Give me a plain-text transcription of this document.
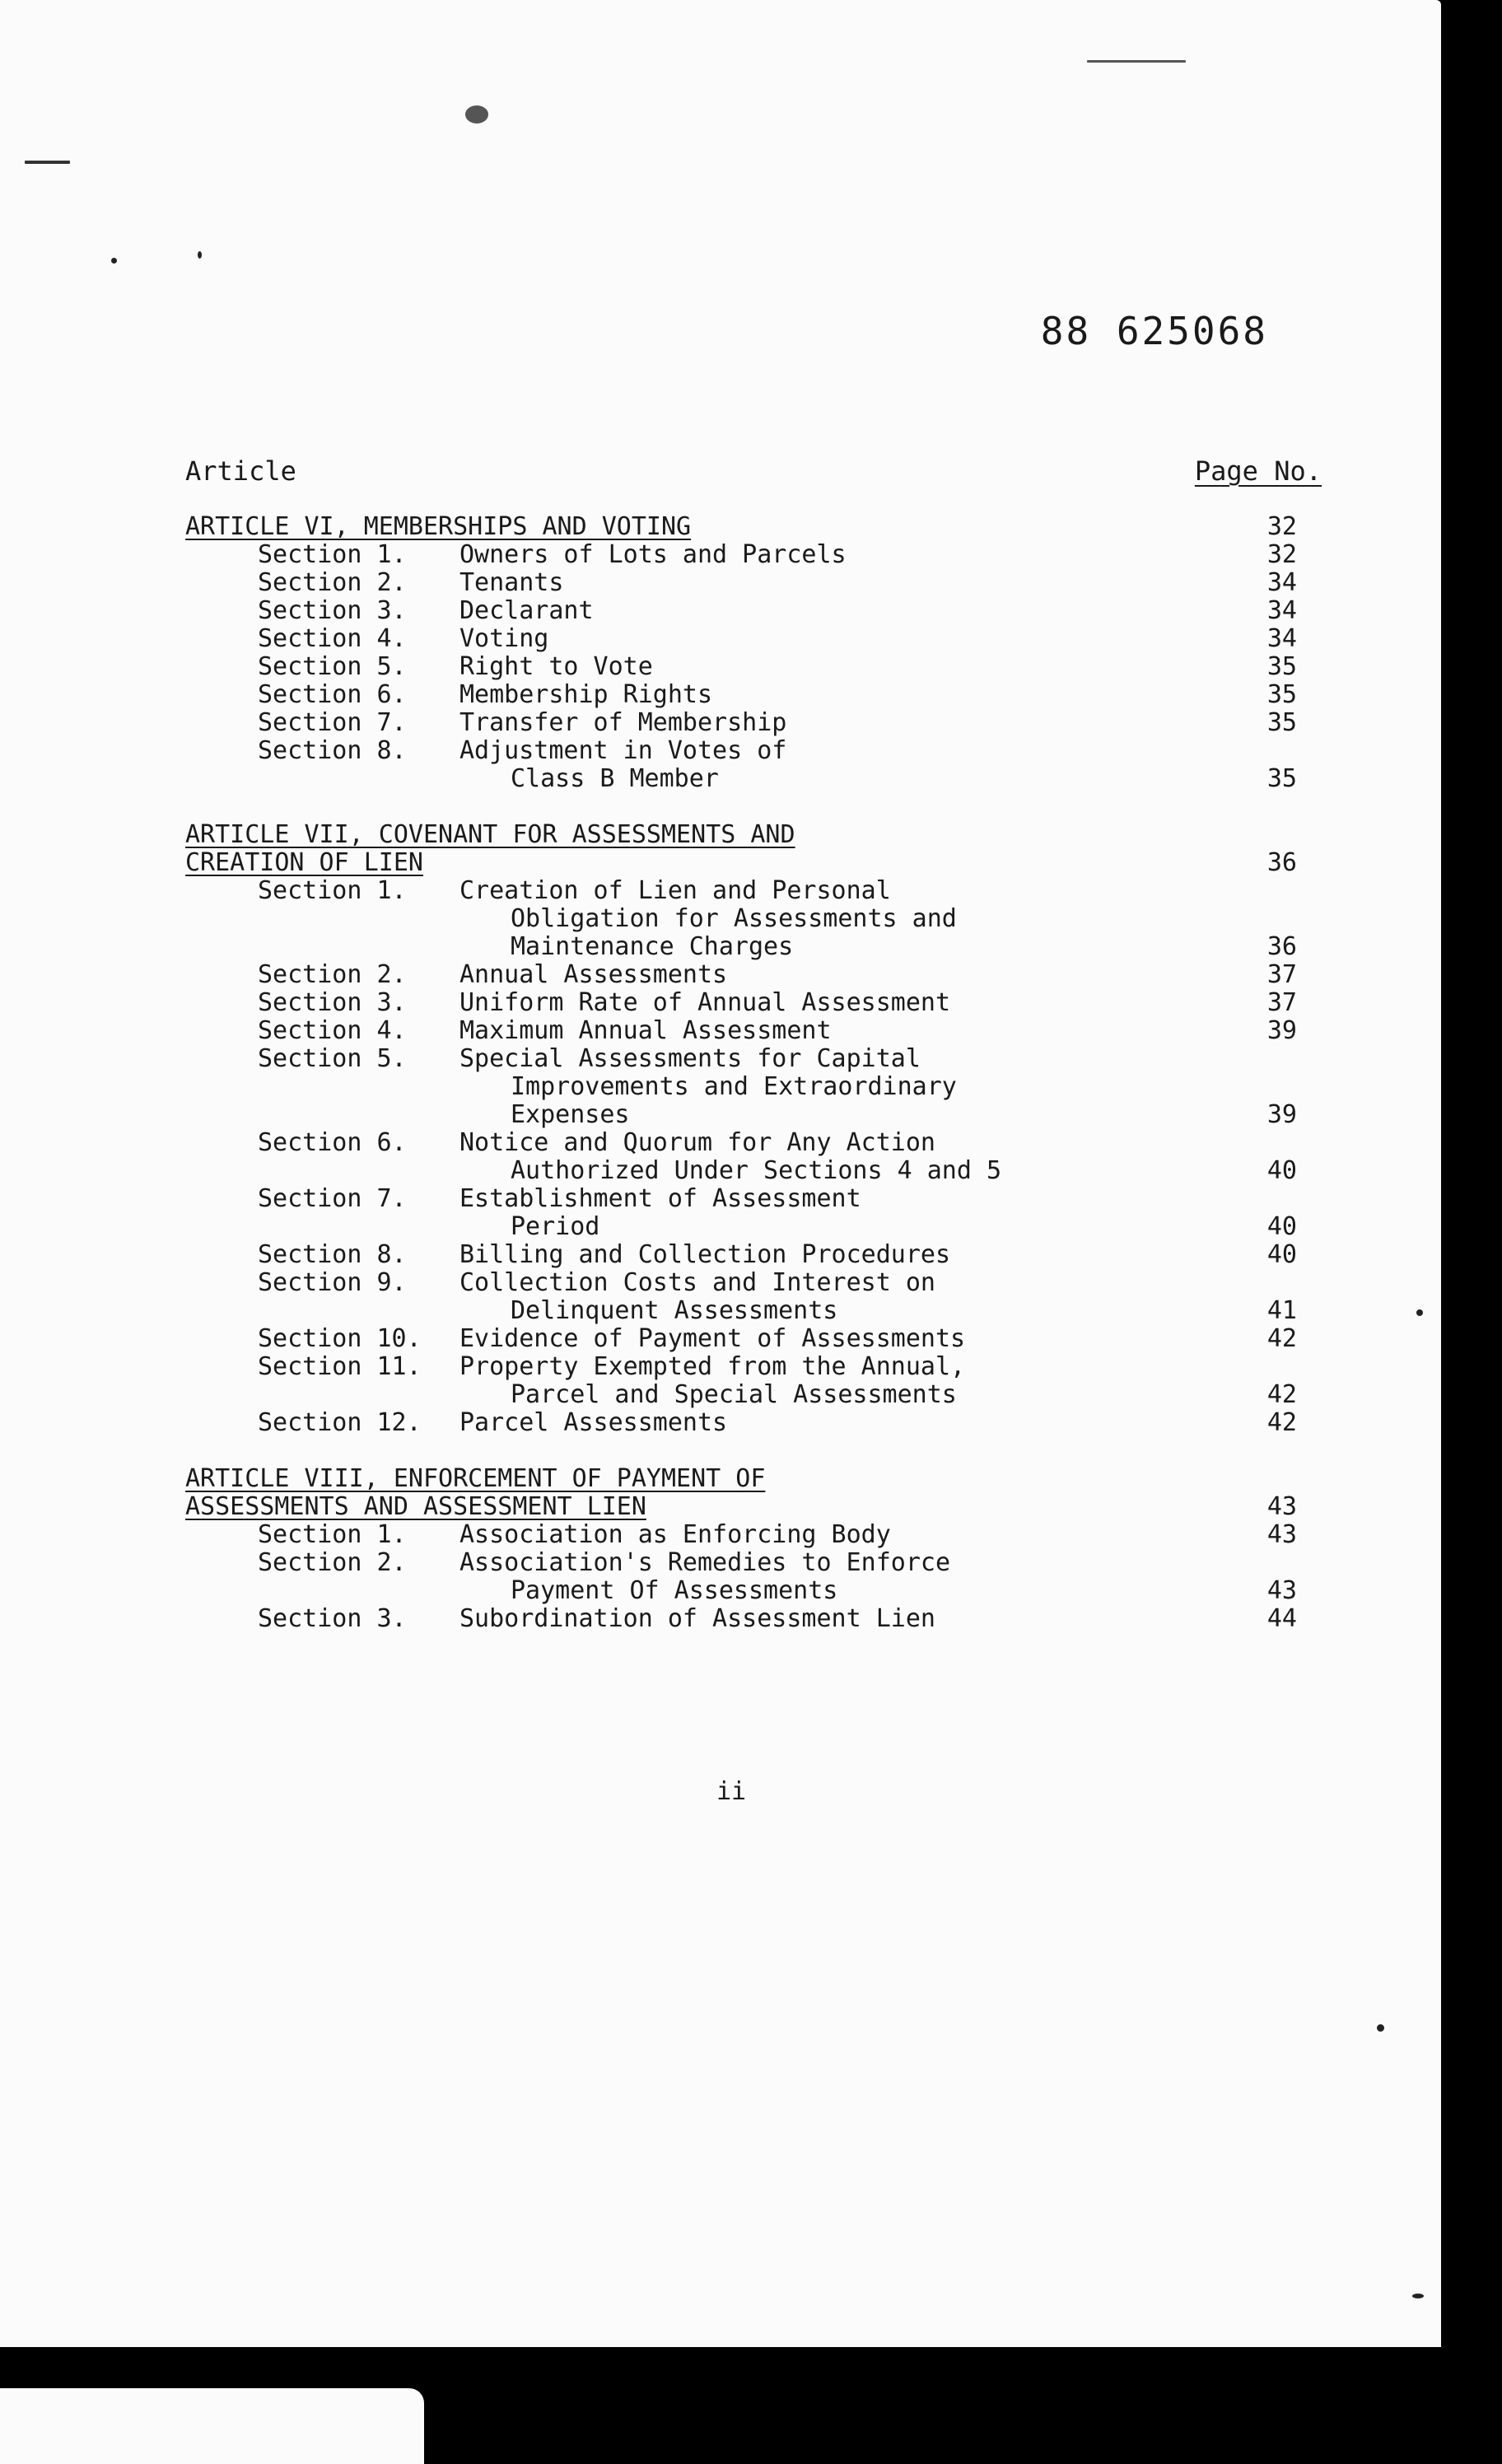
88 625068
Article	Page No.
ARTICLE VI, MEMBERSHIPS AND VOTING	32
Section 1.	Owners of Lots and Parcels	32
Section 2.	Tenants	34
Section 3.	Declarant	34
Section 4.	Voting	34
Section 5.	Right to Vote	35
Section 6.	Membership Rights	35
Section 7.	Transfer of Membership	35
Section 8.	Adjustment in Votes of
Class B Member	35
ARTICLE VII, COVENANT FOR ASSESSMENTS AND
CREATION OF LIEN	36
Section 1.	Creation of Lien and Personal
Obligation for Assessments and
Maintenance Charges	36
Section 2.	Annual Assessments	37
Section 3.	Uniform Rate of Annual Assessment	37
Section 4.	Maximum Annual Assessment	39
Section 5.	Special Assessments for Capital
Improvements and Extraordinary
Expenses	39
Section 6.	Notice and Quorum for Any Action
Authorized Under Sections 4 and 5	40
Section 7.	Establishment of Assessment
Period	40
Section 8.	Billing and Collection Procedures	40
Section 9.	Collection Costs and Interest on
Delinquent Assessments	41
Section 10.	Evidence of Payment of Assessments	42
Section 11.	Property Exempted from the Annual,
Parcel and Special Assessments	42
Section 12.	Parcel Assessments	42
ARTICLE VIII, ENFORCEMENT OF PAYMENT OF
ASSESSMENTS AND ASSESSMENT LIEN	43
Section 1.	Association as Enforcing Body	43
Section 2.	Association's Remedies to Enforce
Payment Of Assessments	43
Section 3.	Subordination of Assessment Lien	44
ii
